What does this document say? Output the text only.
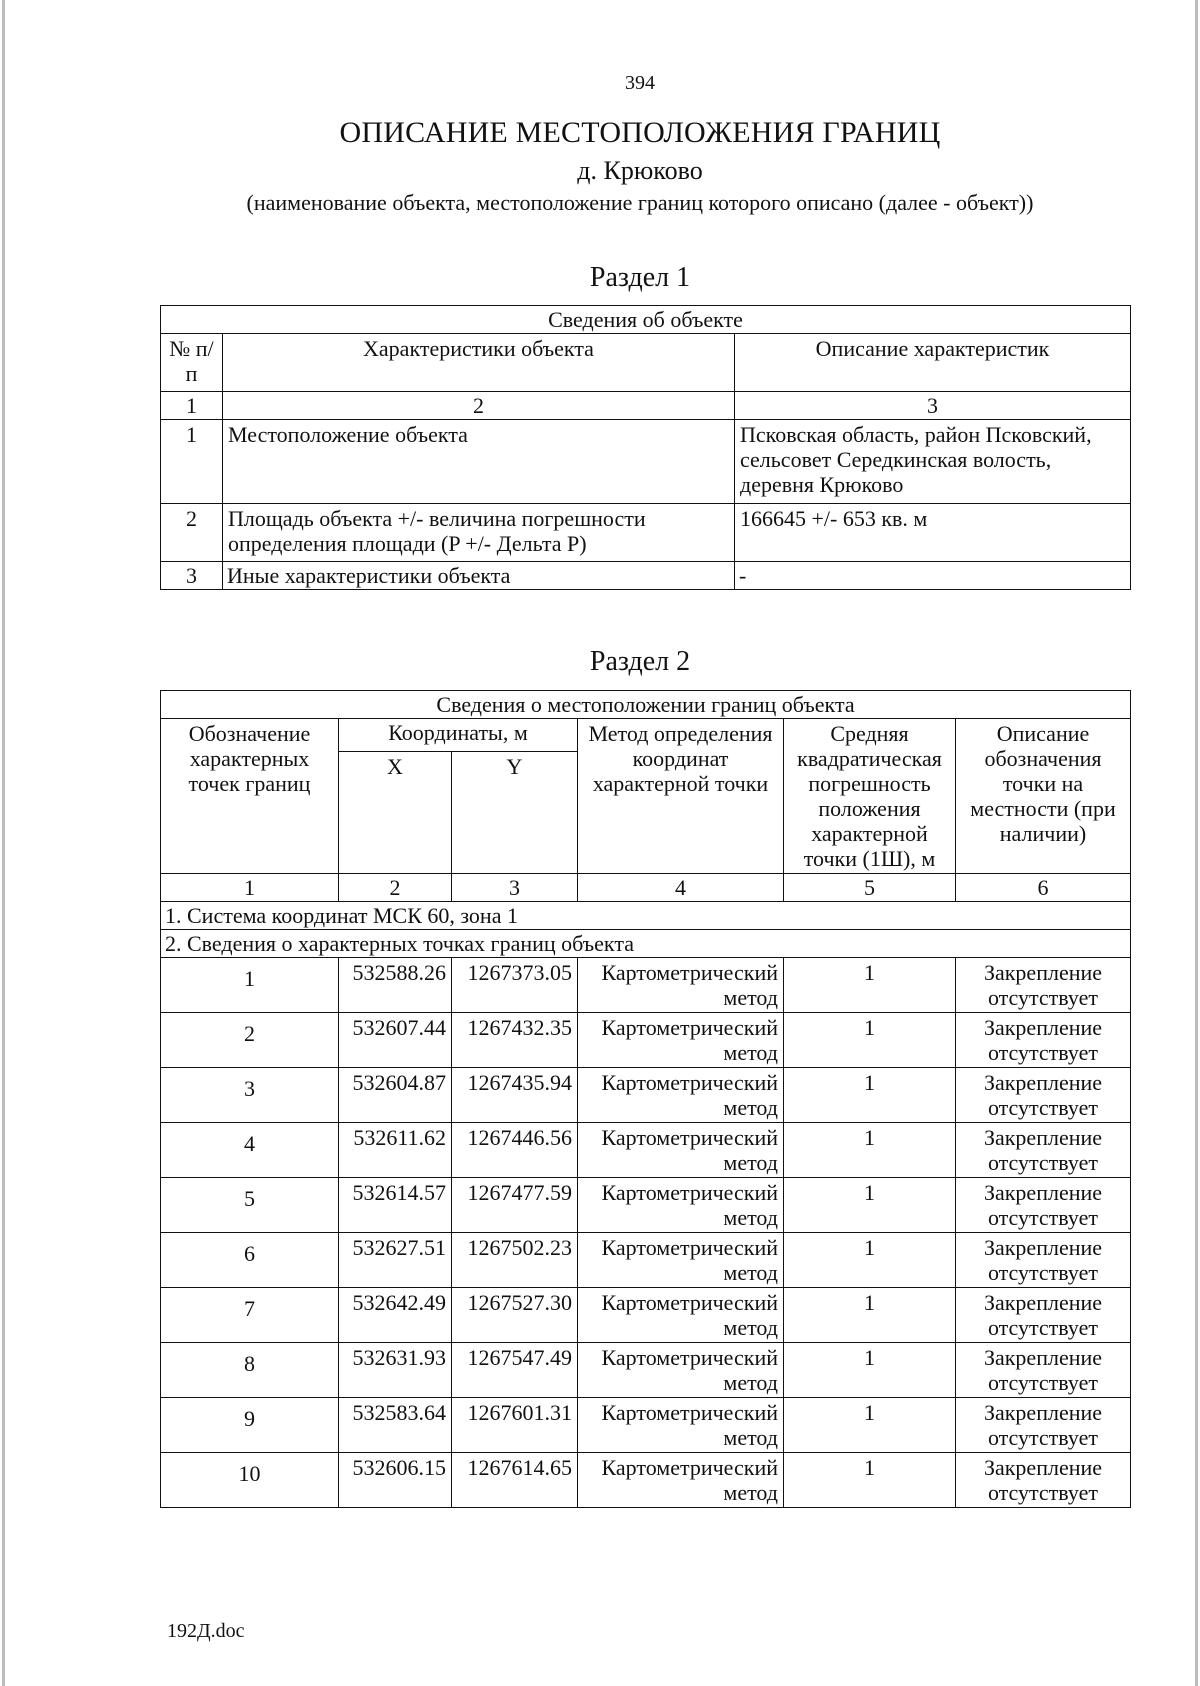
394
ОПИСАНИЕ МЕСТОПОЛОЖЕНИЯ ГРАНИЦ
д. Крюково
(наименование объекта, местоположение границ которого описано (далее - объект))
Раздел 1
Сведения об объекте		
№ п/п	Характеристики объекта	Описание характеристик
1	2	3
1	Местоположение объекта	Псковская область, район Псковский, сельсовет Середкинская волость, деревня Крюково
2	Площадь объекта +/- величина погрешности определения площади (P +/- Дельта P)	166645 +/- 653 кв. м
3	Иные характеристики объекта	-
Раздел 2
Сведения о местоположении границ объекта					
Обозначение характерных точек границ	Координаты, м		Метод определения координат характерной точки	Средняя квадратическая погрешность положения характерной точки (1Ш), м	Описание обозначения точки на местности (при наличии)
	X	Y			
1	2	3	4	5	6
1. Система координат МСК 60, зона 1					
2. Сведения о характерных точках границ объекта					
1	532588.26	1267373.05	Картометрический метод	1	Закрепление отсутствует
2	532607.44	1267432.35	Картометрический метод	1	Закрепление отсутствует
3	532604.87	1267435.94	Картометрический метод	1	Закрепление отсутствует
4	532611.62	1267446.56	Картометрический метод	1	Закрепление отсутствует
5	532614.57	1267477.59	Картометрический метод	1	Закрепление отсутствует
6	532627.51	1267502.23	Картометрический метод	1	Закрепление отсутствует
7	532642.49	1267527.30	Картометрический метод	1	Закрепление отсутствует
8	532631.93	1267547.49	Картометрический метод	1	Закрепление отсутствует
9	532583.64	1267601.31	Картометрический метод	1	Закрепление отсутствует
10	532606.15	1267614.65	Картометрический метод	1	Закрепление отсутствует
192Д.doc
